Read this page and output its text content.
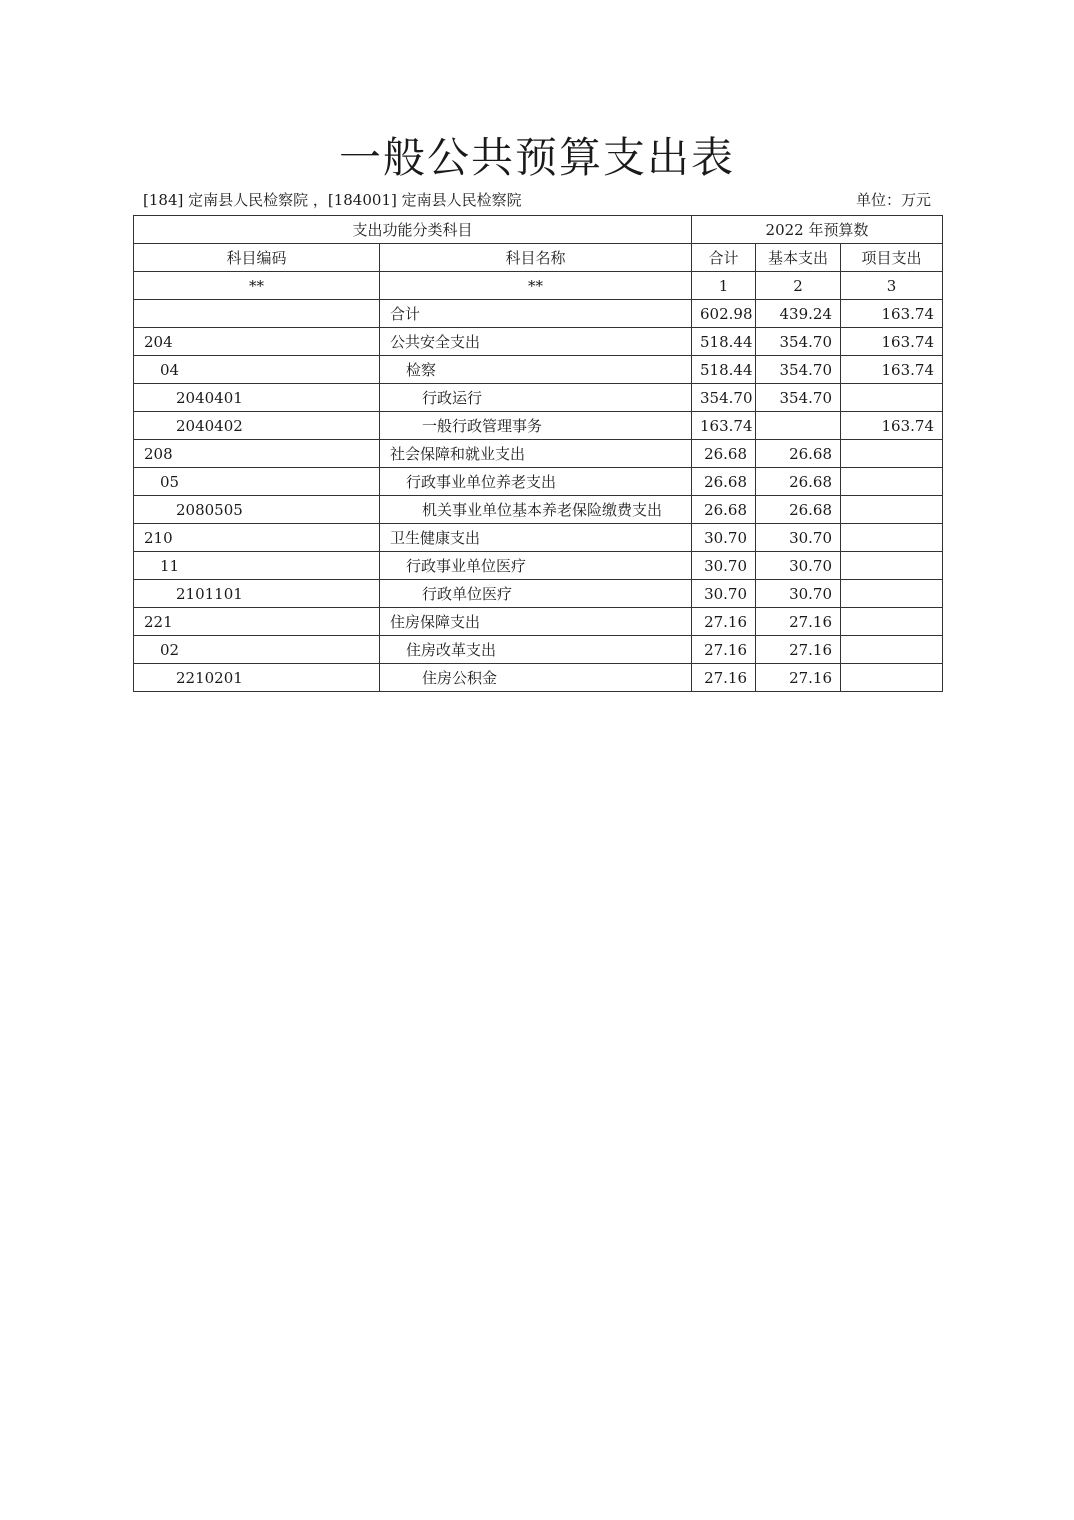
一般公共预算支出表
[184] 定南县人民检察院 ，[184001] 定南县人民检察院	单位：万元
支出功能分类科目		2022 年预算数		
科目编码	科目名称	合计	基本支出	项目支出
**	**	1	2	3
	合计	602.98	439.24	163.74
204	公共安全支出	518.44	354.70	163.74
04	检察	518.44	354.70	163.74
2040401	行政运行	354.70	354.70	
2040402	一般行政管理事务	163.74		163.74
208	社会保障和就业支出	26.68	26.68	
05	行政事业单位养老支出	26.68	26.68	
2080505	机关事业单位基本养老保险缴费支出	26.68	26.68	
210	卫生健康支出	30.70	30.70	
11	行政事业单位医疗	30.70	30.70	
2101101	行政单位医疗	30.70	30.70	
221	住房保障支出	27.16	27.16	
02	住房改革支出	27.16	27.16	
2210201	住房公积金	27.16	27.16	
